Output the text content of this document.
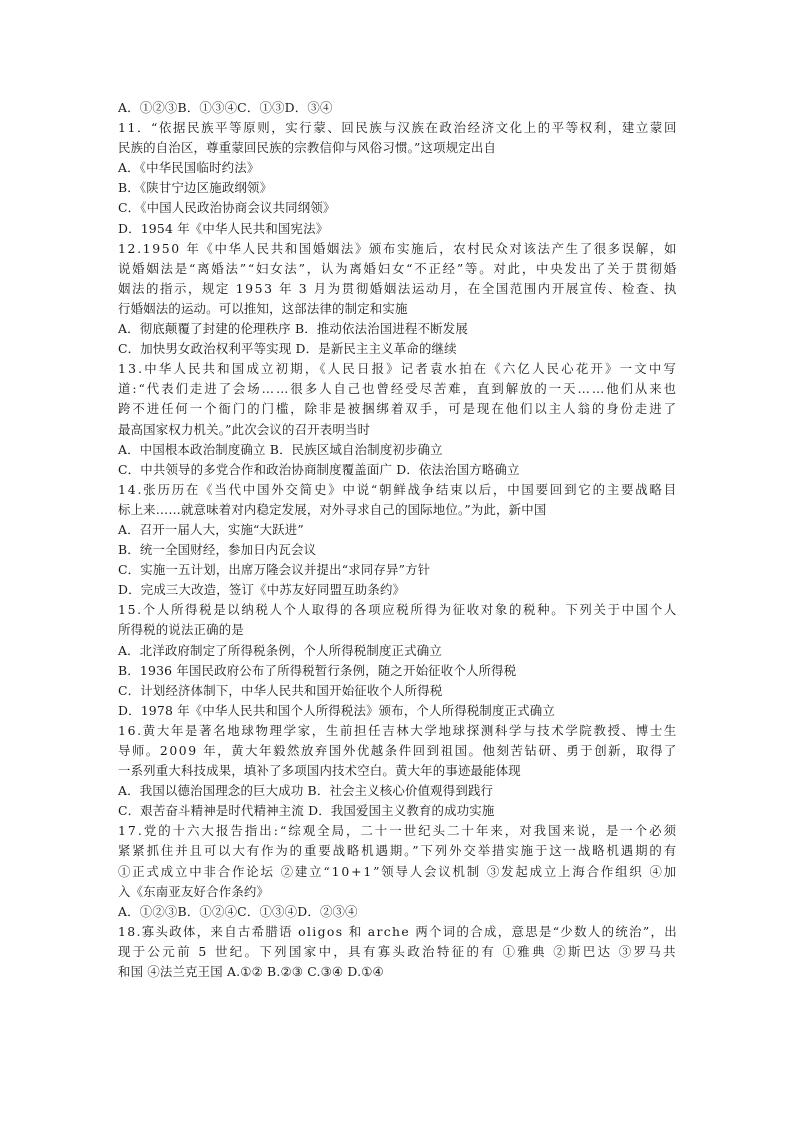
A．①②③B．①③④C．①③D．③④
11．“依据民族平等原则，实行蒙、回民族与汉族在政治经济文化上的平等权利，建立蒙回
民族的自治区，尊重蒙回民族的宗教信仰与风俗习惯。”这项规定出自
A．《中华民国临时约法》
B．《陕甘宁边区施政纲领》
C．《中国人民政治协商会议共同纲领》
D．1954 年《中华人民共和国宪法》
12.1950 年《中华人民共和国婚姻法》颁布实施后，农村民众对该法产生了很多误解，如
说婚姻法是“离婚法”“妇女法”，认为离婚妇女“不正经”等。对此，中央发出了关于贯彻婚
姻法的指示，规定 1953 年 3 月为贯彻婚姻法运动月，在全国范围内开展宣传、检查、执
行婚姻法的运动。可以推知，这部法律的制定和实施
A．彻底颠覆了封建的伦理秩序 B．推动依法治国进程不断发展
C．加快男女政治权利平等实现 D．是新民主主义革命的继续
13.中华人民共和国成立初期，《人民日报》记者袁水拍在《六亿人民心花开》一文中写
道:“代表们走进了会场……很多人自己也曾经受尽苦难，直到解放的一天……他们从来也
跨不进任何一个衙门的门槛，除非是被捆绑着双手，可是现在他们以主人翁的身份走进了
最高国家权力机关。”此次会议的召开表明当时
A．中国根本政治制度确立 B．民族区域自治制度初步确立
C．中共领导的多党合作和政治协商制度覆盖面广 D．依法治国方略确立
14.张历历在《当代中国外交简史》中说“朝鲜战争结束以后，中国要回到它的主要战略目
标上来……就意味着对内稳定发展，对外寻求自己的国际地位。”为此，新中国
A．召开一届人大，实施“大跃进”
B．统一全国财经，参加日内瓦会议
C．实施一五计划，出席万隆会议并提出“求同存异”方针
D．完成三大改造，签订《中苏友好同盟互助条约》
15.个人所得税是以纳税人个人取得的各项应税所得为征收对象的税种。下列关于中国个人
所得税的说法正确的是
A．北洋政府制定了所得税条例，个人所得税制度正式确立
B．1936 年国民政府公布了所得税暂行条例，随之开始征收个人所得税
C．计划经济体制下，中华人民共和国开始征收个人所得税
D．1978 年《中华人民共和国个人所得税法》颁布，个人所得税制度正式确立
16.黄大年是著名地球物理学家，生前担任吉林大学地球探测科学与技术学院教授、博士生
导师。2009 年，黄大年毅然放弃国外优越条件回到祖国。他刻苦钻研、勇于创新，取得了
一系列重大科技成果，填补了多项国内技术空白。黄大年的事迹最能体现
A．我国以德治国理念的巨大成功 B．社会主义核心价值观得到践行
C．艰苦奋斗精神是时代精神主流 D．我国爱国主义教育的成功实施
17.党的十六大报告指出:“综观全局，二十一世纪头二十年来，对我国来说，是一个必须
紧紧抓住并且可以大有作为的重要战略机遇期。”下列外交举措实施于这一战略机遇期的有
①正式成立中非合作论坛 ②建立“10+1”领导人会议机制 ③发起成立上海合作组织 ④加
入《东南亚友好合作条约》
A．①②③B．①②④C．①③④D．②③④
18.寡头政体，来自古希腊语 oligos 和 arche 两个词的合成，意思是“少数人的统治”，出
现于公元前 5 世纪。下列国家中，具有寡头政治特征的有 ①雅典 ②斯巴达 ③罗马共
和国 ④法兰克王国 A.①② B.②③ C.③④ D.①④
